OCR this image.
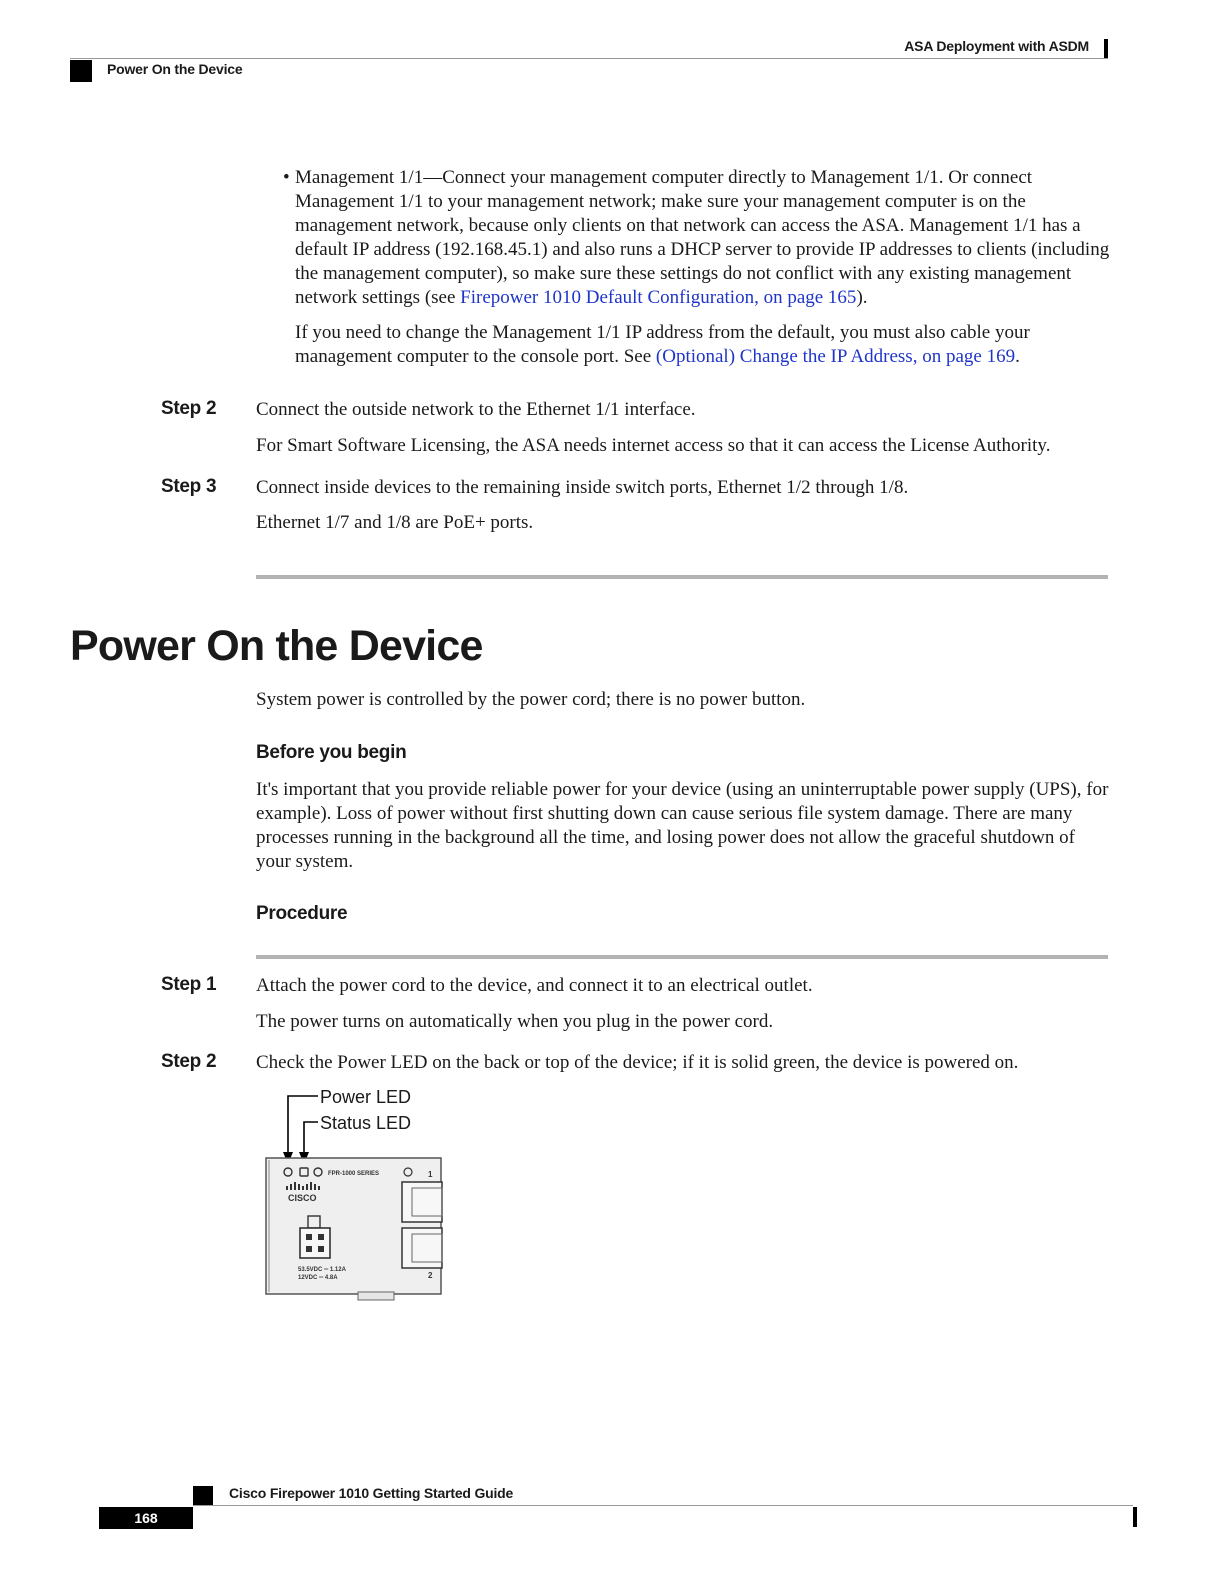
ASA Deployment with ASDM
Power On the Device
• Management 1/1—Connect your management computer directly to Management 1/1. Or connect Management 1/1 to your management network; make sure your management computer is on the management network, because only clients on that network can access the ASA. Management 1/1 has a default IP address (192.168.45.1) and also runs a DHCP server to provide IP addresses to clients (including the management computer), so make sure these settings do not conflict with any existing management network settings (see Firepower 1010 Default Configuration, on page 165).
If you need to change the Management 1/1 IP address from the default, you must also cable your management computer to the console port. See (Optional) Change the IP Address, on page 169.
Step 2 Connect the outside network to the Ethernet 1/1 interface.
For Smart Software Licensing, the ASA needs internet access so that it can access the License Authority.
Step 3 Connect inside devices to the remaining inside switch ports, Ethernet 1/2 through 1/8.
Ethernet 1/7 and 1/8 are PoE+ ports.
Power On the Device
System power is controlled by the power cord; there is no power button.
Before you begin
It's important that you provide reliable power for your device (using an uninterruptable power supply (UPS), for example). Loss of power without first shutting down can cause serious file system damage. There are many processes running in the background all the time, and losing power does not allow the graceful shutdown of your system.
Procedure
Step 1 Attach the power cord to the device, and connect it to an electrical outlet.
The power turns on automatically when you plug in the power cord.
Step 2 Check the Power LED on the back or top of the device; if it is solid green, the device is powered on.
Power LED
Status LED
FPR-1000 SERIES	1
CISCO
53.5VDC ═ 1.12A
12VDC ═ 4.8A	2
Cisco Firepower 1010 Getting Started Guide
168
